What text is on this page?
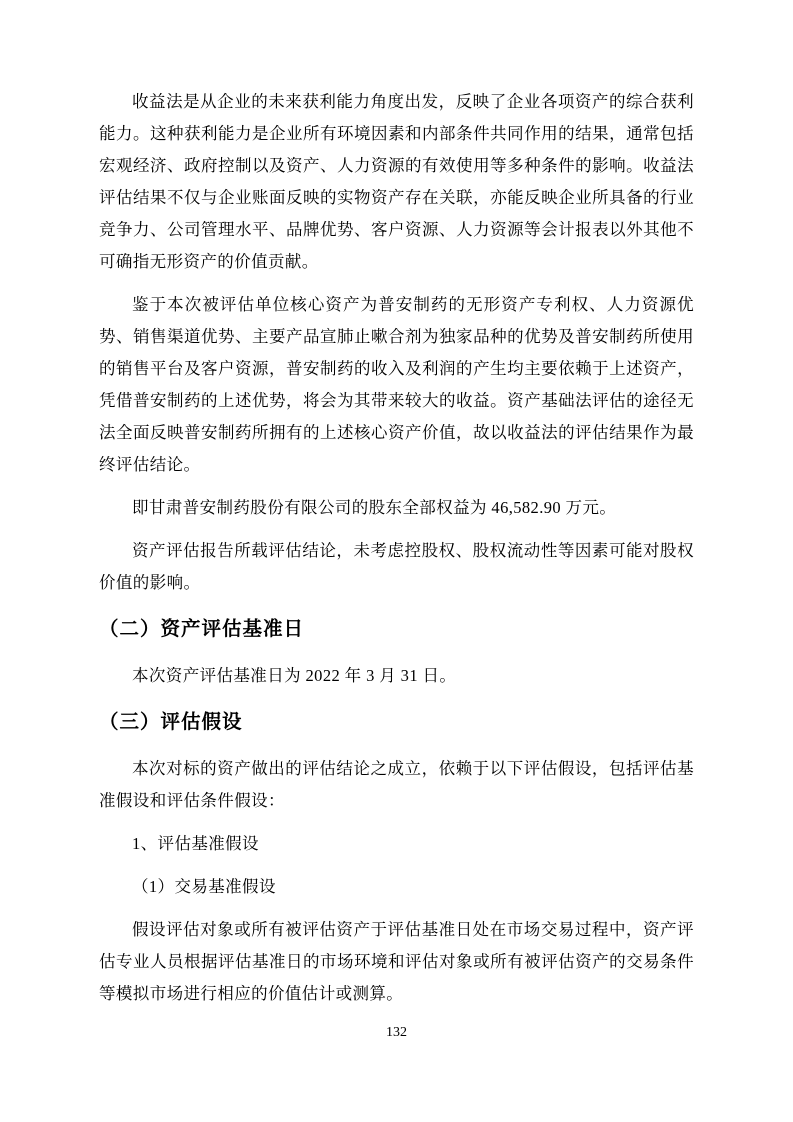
收益法是从企业的未来获利能力角度出发，反映了企业各项资产的综合获利能力。这种获利能力是企业所有环境因素和内部条件共同作用的结果，通常包括宏观经济、政府控制以及资产、人力资源的有效使用等多种条件的影响。收益法评估结果不仅与企业账面反映的实物资产存在关联，亦能反映企业所具备的行业竞争力、公司管理水平、品牌优势、客户资源、人力资源等会计报表以外其他不可确指无形资产的价值贡献。

鉴于本次被评估单位核心资产为普安制药的无形资产专利权、人力资源优势、销售渠道优势、主要产品宣肺止嗽合剂为独家品种的优势及普安制药所使用的销售平台及客户资源，普安制药的收入及利润的产生均主要依赖于上述资产，凭借普安制药的上述优势，将会为其带来较大的收益。资产基础法评估的途径无法全面反映普安制药所拥有的上述核心资产价值，故以收益法的评估结果作为最终评估结论。

即甘肃普安制药股份有限公司的股东全部权益为 46,582.90 万元。

资产评估报告所载评估结论，未考虑控股权、股权流动性等因素可能对股权价值的影响。

（二）资产评估基准日

本次资产评估基准日为 2022 年 3 月 31 日。

（三）评估假设

本次对标的资产做出的评估结论之成立，依赖于以下评估假设，包括评估基准假设和评估条件假设：

1、评估基准假设

（1）交易基准假设

假设评估对象或所有被评估资产于评估基准日处在市场交易过程中，资产评估专业人员根据评估基准日的市场环境和评估对象或所有被评估资产的交易条件等模拟市场进行相应的价值估计或测算。

132
